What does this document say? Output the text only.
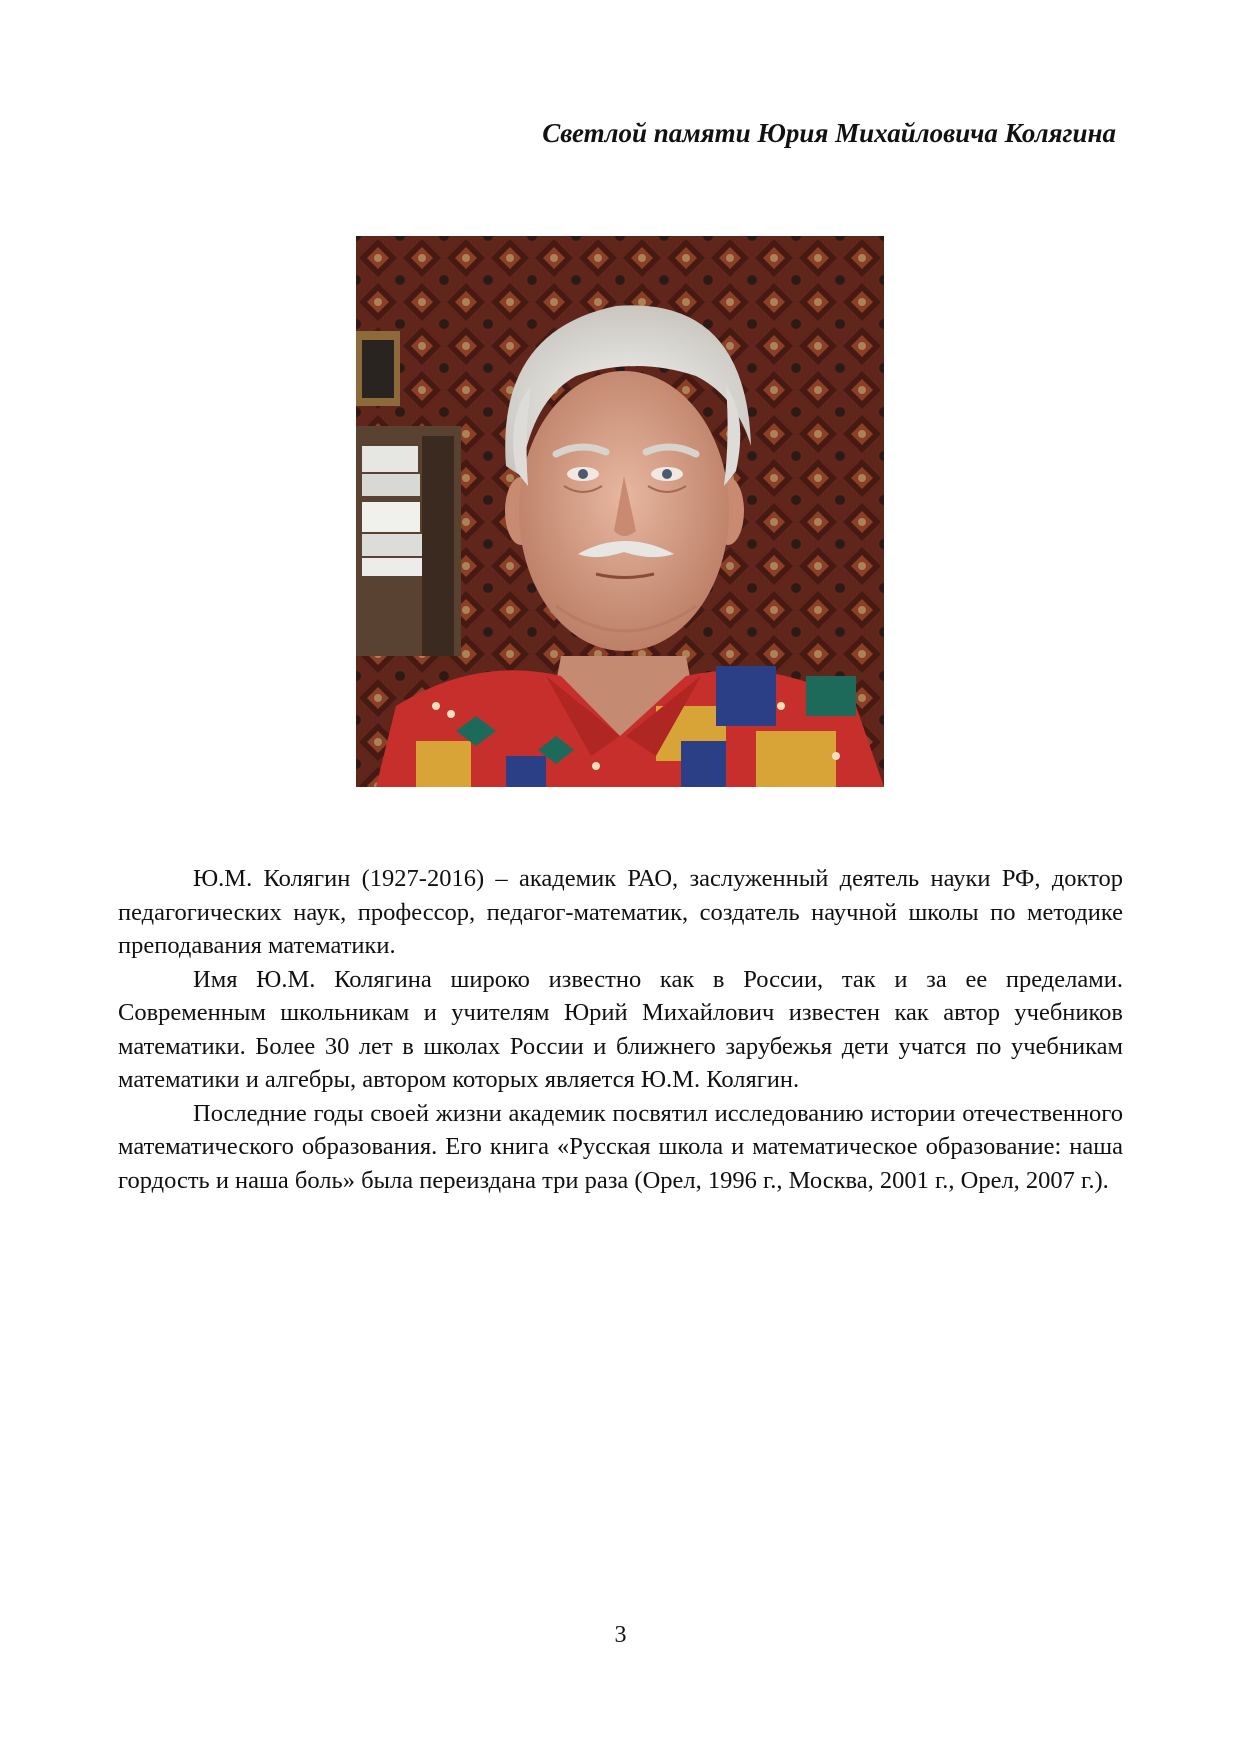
Светлой памяти Юрия Михайловича Колягина

Ю.М. Колягин (1927-2016) – академик РАО, заслуженный деятель науки РФ, доктор педагогических наук, профессор, педагог-математик, создатель научной школы по методике преподавания математики.

Имя Ю.М. Колягина широко известно как в России, так и за ее пределами. Современным школьникам и учителям Юрий Михайлович известен как автор учебников математики. Более 30 лет в школах России и ближнего зарубежья дети учатся по учебникам математики и алгебры, автором которых является Ю.М. Колягин.

Последние годы своей жизни академик посвятил исследованию истории отечественного математического образования. Его книга «Русская школа и математическое образование: наша гордость и наша боль» была переиздана три раза (Орел, 1996 г., Москва, 2001 г., Орел, 2007 г.).

3
